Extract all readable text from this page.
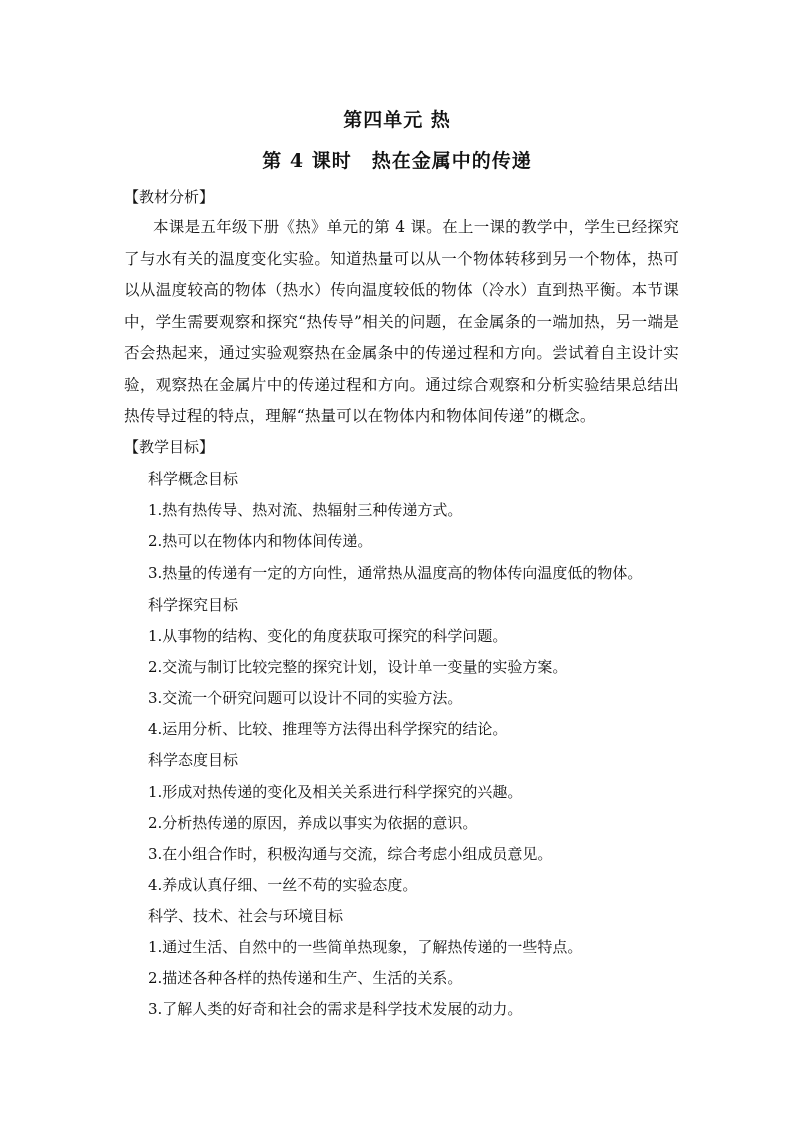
第四单元 热
第 4 课时　热在金属中的传递
【教材分析】

本课是五年级下册《热》单元的第 4 课。在上一课的教学中，学生已经探究了与水有关的温度变化实验。知道热量可以从一个物体转移到另一个物体，热可以从温度较高的物体（热水）传向温度较低的物体（冷水）直到热平衡。本节课中，学生需要观察和探究“热传导”相关的问题，在金属条的一端加热，另一端是否会热起来，通过实验观察热在金属条中的传递过程和方向。尝试着自主设计实验，观察热在金属片中的传递过程和方向。通过综合观察和分析实验结果总结出热传导过程的特点，理解“热量可以在物体内和物体间传递”的概念。

【教学目标】
科学概念目标
1.热有热传导、热对流、热辐射三种传递方式。
2.热可以在物体内和物体间传递。
3.热量的传递有一定的方向性，通常热从温度高的物体传向温度低的物体。
科学探究目标
1.从事物的结构、变化的角度获取可探究的科学问题。
2.交流与制订比较完整的探究计划，设计单一变量的实验方案。
3.交流一个研究问题可以设计不同的实验方法。
4.运用分析、比较、推理等方法得出科学探究的结论。
科学态度目标
1.形成对热传递的变化及相关关系进行科学探究的兴趣。
2.分析热传递的原因，养成以事实为依据的意识。
3.在小组合作时，积极沟通与交流，综合考虑小组成员意见。
4.养成认真仔细、一丝不苟的实验态度。
科学、技术、社会与环境目标
1.通过生活、自然中的一些简单热现象，了解热传递的一些特点。
2.描述各种各样的热传递和生产、生活的关系。
3.了解人类的好奇和社会的需求是科学技术发展的动力。
